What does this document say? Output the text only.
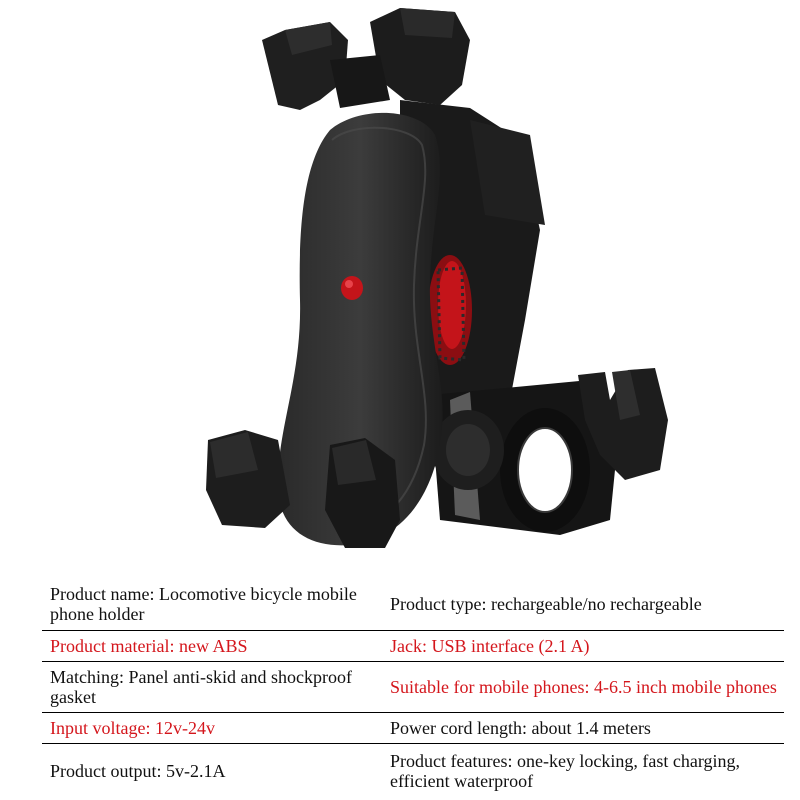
Product name: Locomotive bicycle mobile phone holder	Product type: rechargeable/no rechargeable
Product material: new ABS	Jack: USB interface (2.1 A)
Matching: Panel anti-skid and shockproof gasket	Suitable for mobile phones: 4-6.5 inch mobile phones
Input voltage: 12v-24v	Power cord length: about 1.4 meters
Product output: 5v-2.1A	Product features: one-key locking, fast charging, efficient waterproof
